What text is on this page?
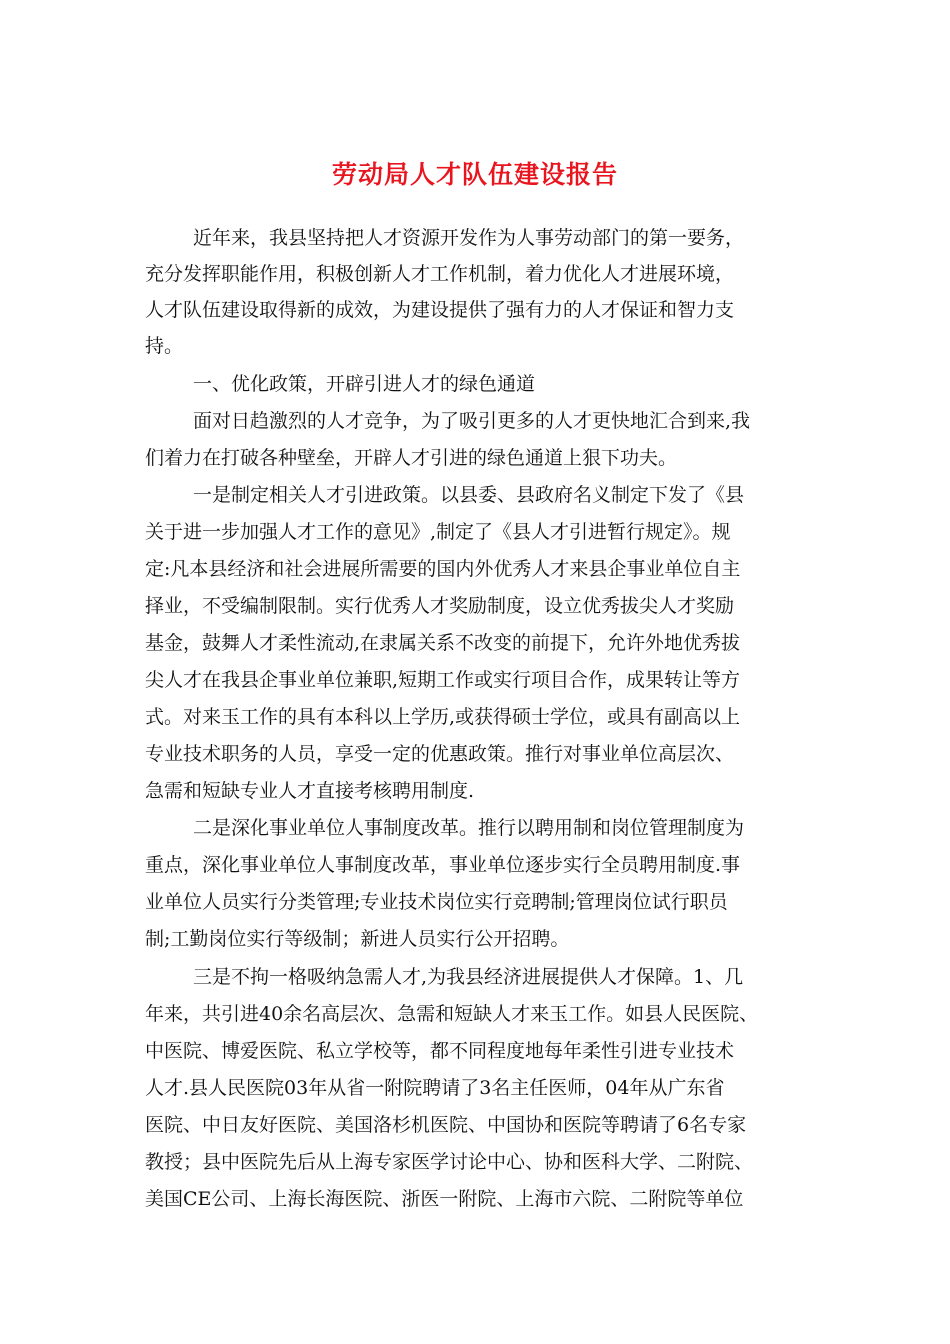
劳动局人才队伍建设报告
近年来，我县坚持把人才资源开发作为人事劳动部门的第一要务，
充分发挥职能作用，积极创新人才工作机制，着力优化人才进展环境，
人才队伍建设取得新的成效，为建设提供了强有力的人才保证和智力支
持。
一、优化政策，开辟引进人才的绿色通道
面对日趋激烈的人才竞争，为了吸引更多的人才更快地汇合到来,我
们着力在打破各种壁垒，开辟人才引进的绿色通道上狠下功夫。
一是制定相关人才引进政策。以县委、县政府名义制定下发了《县
关于进一步加强人才工作的意见》,制定了《县人才引进暂行规定》。规
定:凡本县经济和社会进展所需要的国内外优秀人才来县企事业单位自主
择业，不受编制限制。实行优秀人才奖励制度，设立优秀拔尖人才奖励
基金，鼓舞人才柔性流动,在隶属关系不改变的前提下，允许外地优秀拔
尖人才在我县企事业单位兼职,短期工作或实行项目合作，成果转让等方
式。对来玉工作的具有本科以上学历,或获得硕士学位，或具有副高以上
专业技术职务的人员，享受一定的优惠政策。推行对事业单位高层次、
急需和短缺专业人才直接考核聘用制度.
二是深化事业单位人事制度改革。推行以聘用制和岗位管理制度为
重点，深化事业单位人事制度改革，事业单位逐步实行全员聘用制度.事
业单位人员实行分类管理;专业技术岗位实行竞聘制;管理岗位试行职员
制;工勤岗位实行等级制；新进人员实行公开招聘。
三是不拘一格吸纳急需人才,为我县经济进展提供人才保障。1、几
年来，共引进40余名高层次、急需和短缺人才来玉工作。如县人民医院、
中医院、博爱医院、私立学校等，都不同程度地每年柔性引进专业技术
人才.县人民医院03年从省一附院聘请了3名主任医师，04年从广东省
医院、中日友好医院、美国洛杉机医院、中国协和医院等聘请了6名专家
教授；县中医院先后从上海专家医学讨论中心、协和医科大学、二附院、
美国CE公司、上海长海医院、浙医一附院、上海市六院、二附院等单位
